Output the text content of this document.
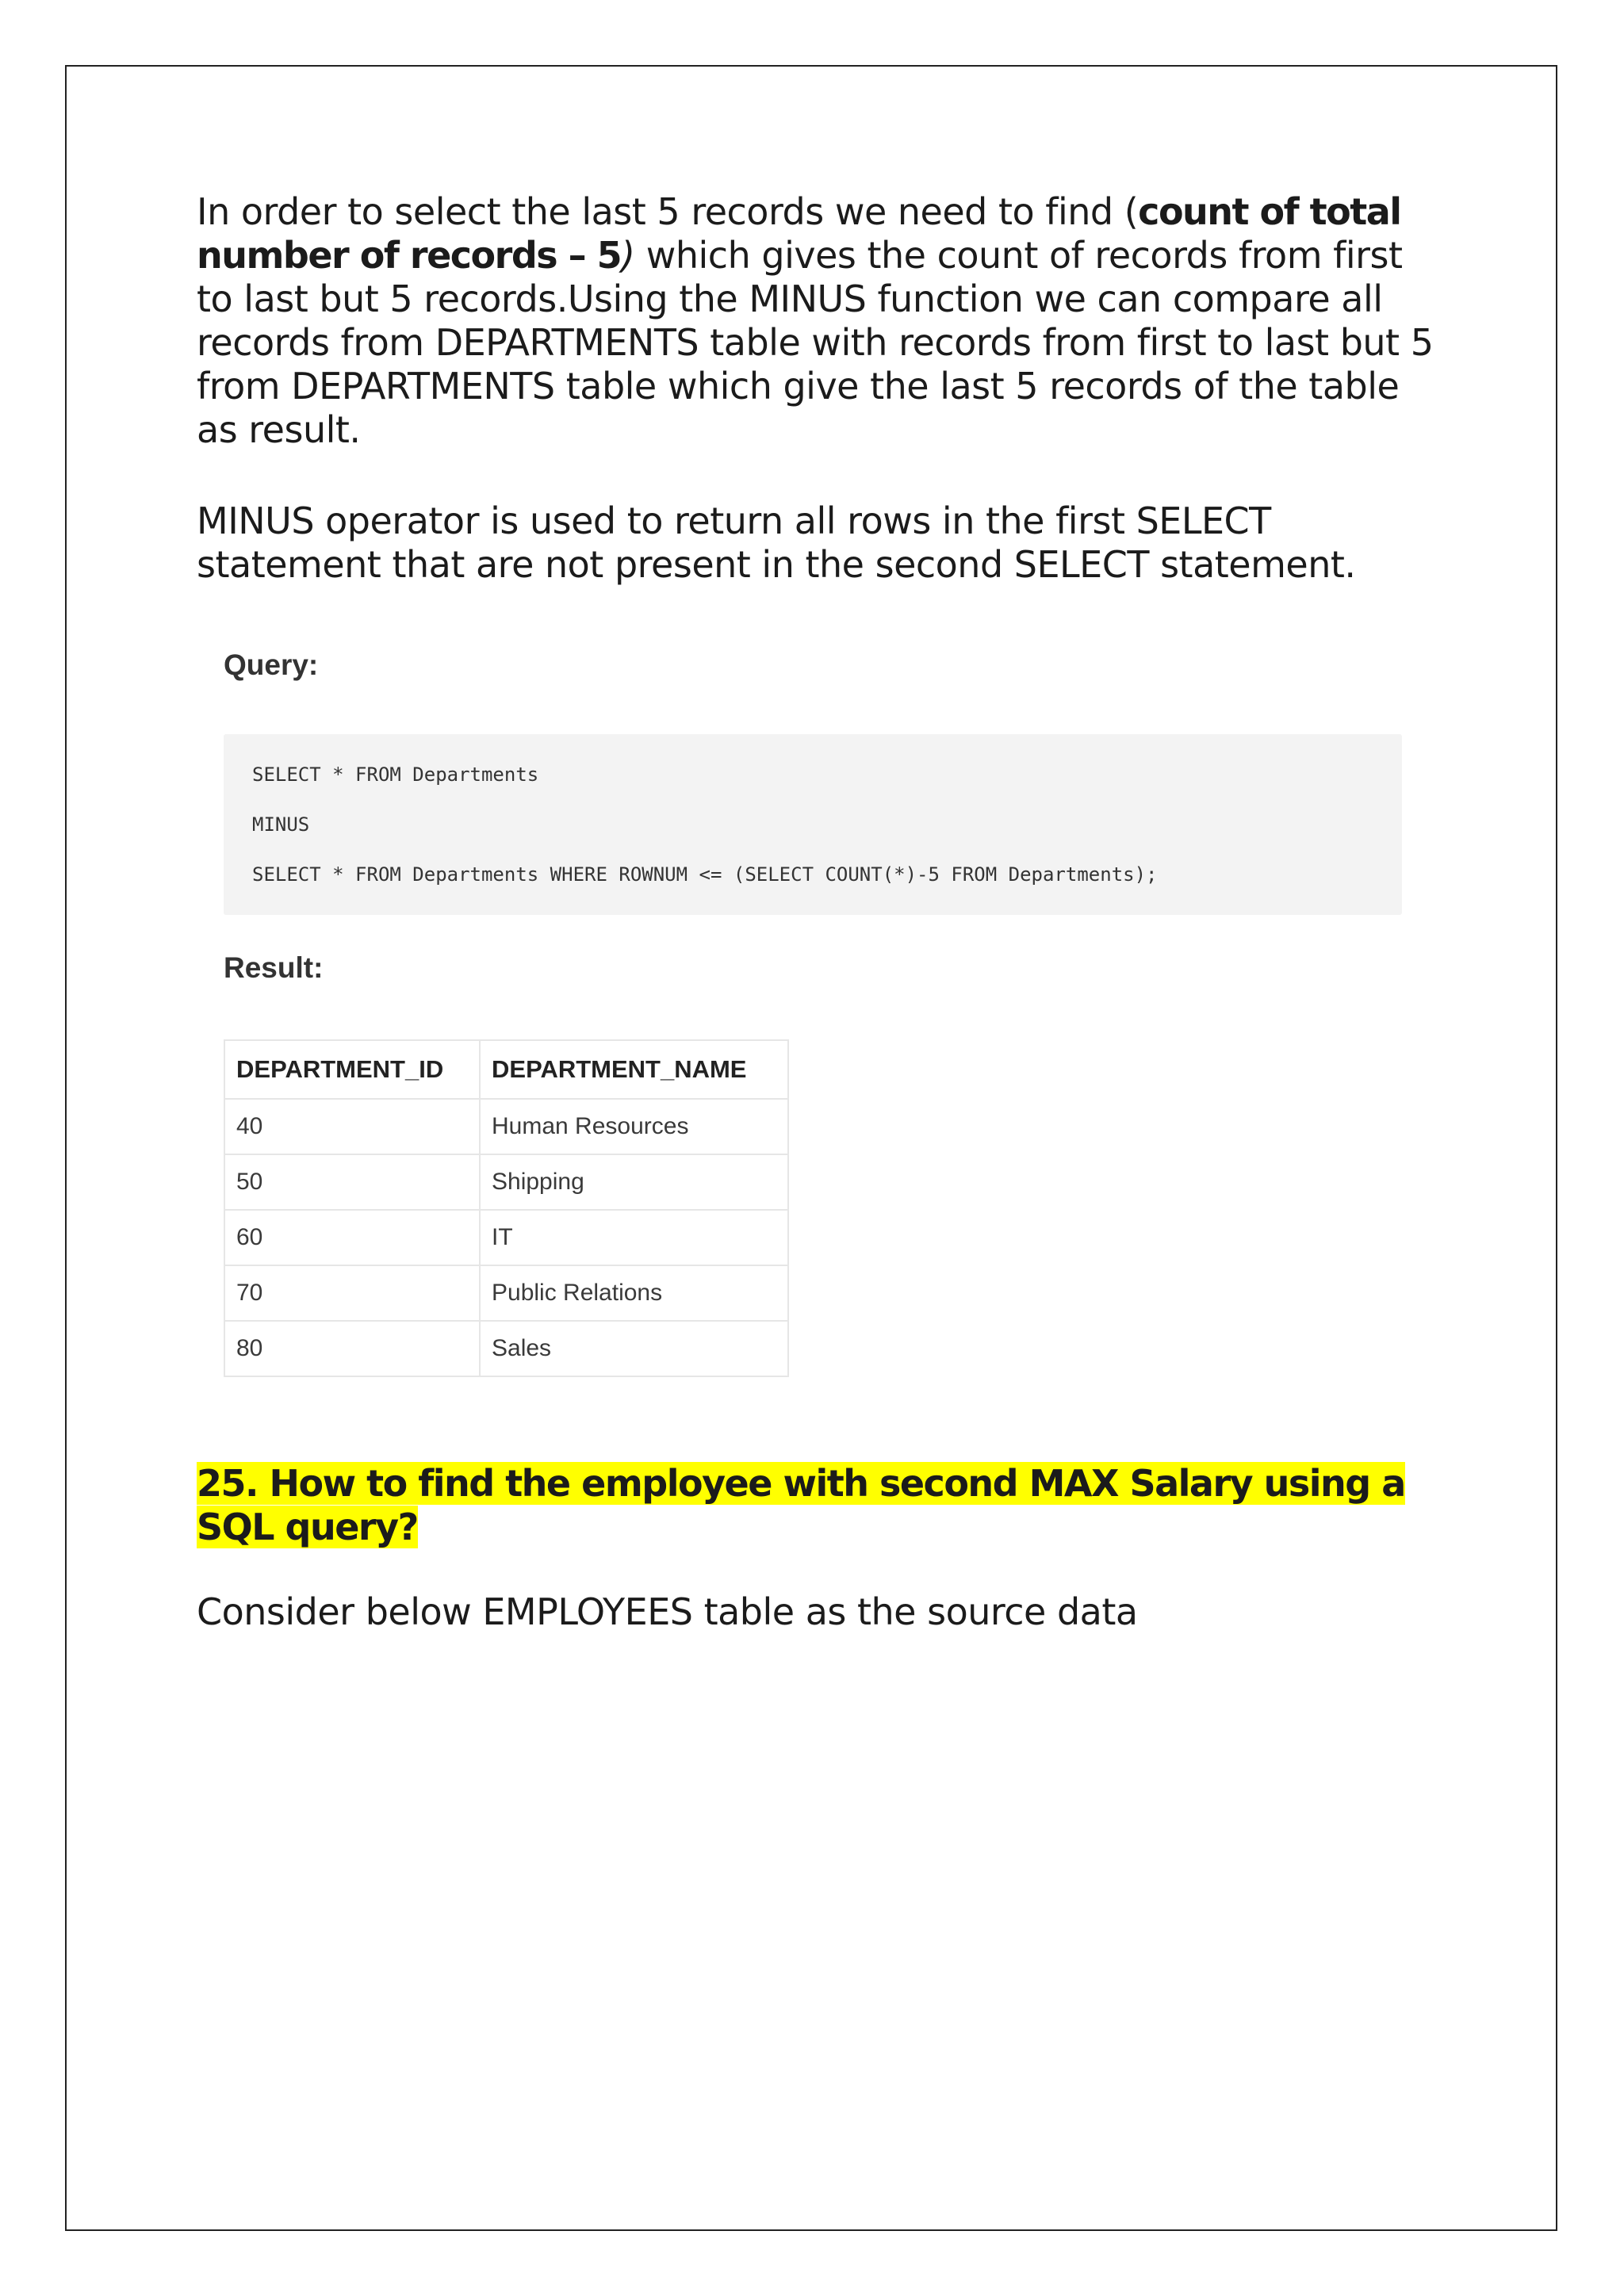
In order to select the last 5 records we need to find (count of total number of records – 5) which gives the count of records from first to last but 5 records.Using the MINUS function we can compare all records from DEPARTMENTS table with records from first to last but 5 from DEPARTMENTS table which give the last 5 records of the table as result.

MINUS operator is used to return all rows in the first SELECT statement that are not present in the second SELECT statement.

Query:
SELECT * FROM Departments
MINUS
SELECT * FROM Departments WHERE ROWNUM <= (SELECT COUNT(*)-5 FROM Departments);
Result:
DEPARTMENT_ID	DEPARTMENT_NAME
40	Human Resources
50	Shipping
60	IT
70	Public Relations
80	Sales
25. How to find the employee with second MAX Salary using a SQL query?

Consider below EMPLOYEES table as the source data
